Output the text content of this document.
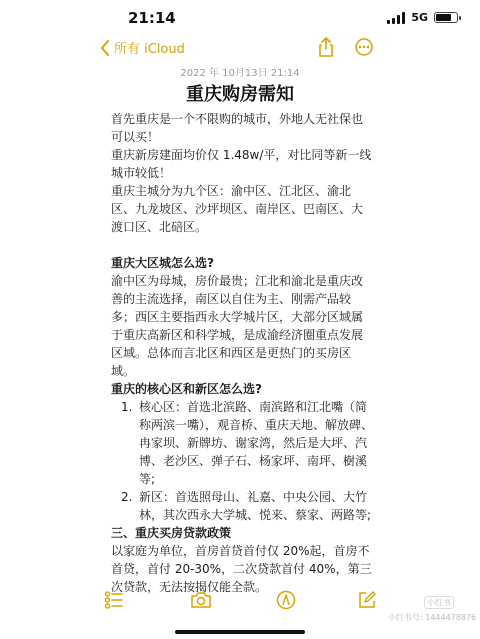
21:14	5G
所有 iCloud
2022 年 10月13日 21:14
重庆购房需知

首先重庆是一个不限购的城市，外地人无社保也可以买！

重庆新房建面均价仅 1.48w/平，对比同等新一线城市较低！

重庆主城分为九个区：渝中区、江北区、渝北区、九龙坡区、沙坪坝区、南岸区、巴南区、大渡口区、北碚区。

重庆大区城怎么选?

渝中区为母城，房价最贵；江北和渝北是重庆改善的主流选择，南区以自住为主、刚需产品较多；西区主要指西永大学城片区，大部分区域属于重庆高新区和科学城，是成渝经济圈重点发展区域。总体而言北区和西区是更热门的买房区域。

重庆的核心区和新区怎么选?

1. 核心区：首选北滨路、南滨路和江北嘴（简称两滨一嘴），观音桥、重庆天地、解放碑、冉家坝、新牌坊、谢家湾，然后是大坪、汽博、老沙区、弹子石、杨家坪、南坪、樹溪等;
2. 新区：首选照母山、礼嘉、中央公园、大竹林，其次西永大学城、悦来、蔡家、两路等;

三、重庆买房贷款政策

以家庭为单位，首房首贷首付仅 20%起，首房不首贷，首付 20-30%，二次贷款首付 40%，第三次贷款，无法按揭仅能全款。

小红书
小红书号: 1444478876
